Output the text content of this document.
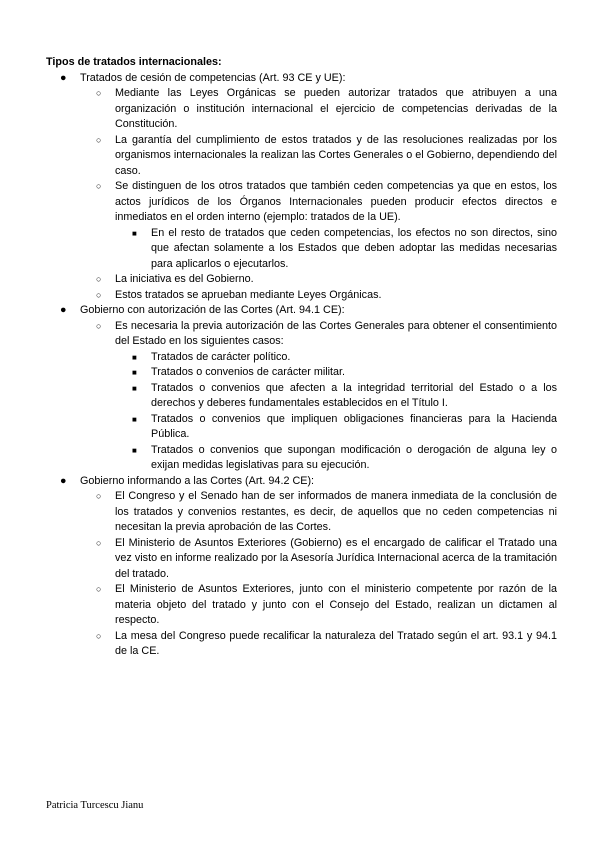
Tipos de tratados internacionales:
● Tratados de cesión de competencias (Art. 93 CE y UE):
○ Mediante las Leyes Orgánicas se pueden autorizar tratados que atribuyen a una organización o institución internacional el ejercicio de competencias derivadas de la Constitución.
○ La garantía del cumplimiento de estos tratados y de las resoluciones realizadas por los organismos internacionales la realizan las Cortes Generales o el Gobierno, dependiendo del caso.
○ Se distinguen de los otros tratados que también ceden competencias ya que en estos, los actos jurídicos de los Órganos Internacionales pueden producir efectos directos e inmediatos en el orden interno (ejemplo: tratados de la UE).
■ En el resto de tratados que ceden competencias, los efectos no son directos, sino que afectan solamente a los Estados que deben adoptar las medidas necesarias para aplicarlos o ejecutarlos.
○ La iniciativa es del Gobierno.
○ Estos tratados se aprueban mediante Leyes Orgánicas.
● Gobierno con autorización de las Cortes (Art. 94.1 CE):
○ Es necesaria la previa autorización de las Cortes Generales para obtener el consentimiento del Estado en los siguientes casos:
■ Tratados de carácter político.
■ Tratados o convenios de carácter militar.
■ Tratados o convenios que afecten a la integridad territorial del Estado o a los derechos y deberes fundamentales establecidos en el Título I.
■ Tratados o convenios que impliquen obligaciones financieras para la Hacienda Pública.
■ Tratados o convenios que supongan modificación o derogación de alguna ley o exijan medidas legislativas para su ejecución.
● Gobierno informando a las Cortes (Art. 94.2 CE):
○ El Congreso y el Senado han de ser informados de manera inmediata de la conclusión de los tratados y convenios restantes, es decir, de aquellos que no ceden competencias ni necesitan la previa aprobación de las Cortes.
○ El Ministerio de Asuntos Exteriores (Gobierno) es el encargado de calificar el Tratado una vez visto en informe realizado por la Asesoría Jurídica Internacional acerca de la tramitación del tratado.
○ El Ministerio de Asuntos Exteriores, junto con el ministerio competente por razón de la materia objeto del tratado y junto con el Consejo del Estado, realizan un dictamen al respecto.
○ La mesa del Congreso puede recalificar la naturaleza del Tratado según el art. 93.1 y 94.1 de la CE.
Patricia Turcescu Jianu
